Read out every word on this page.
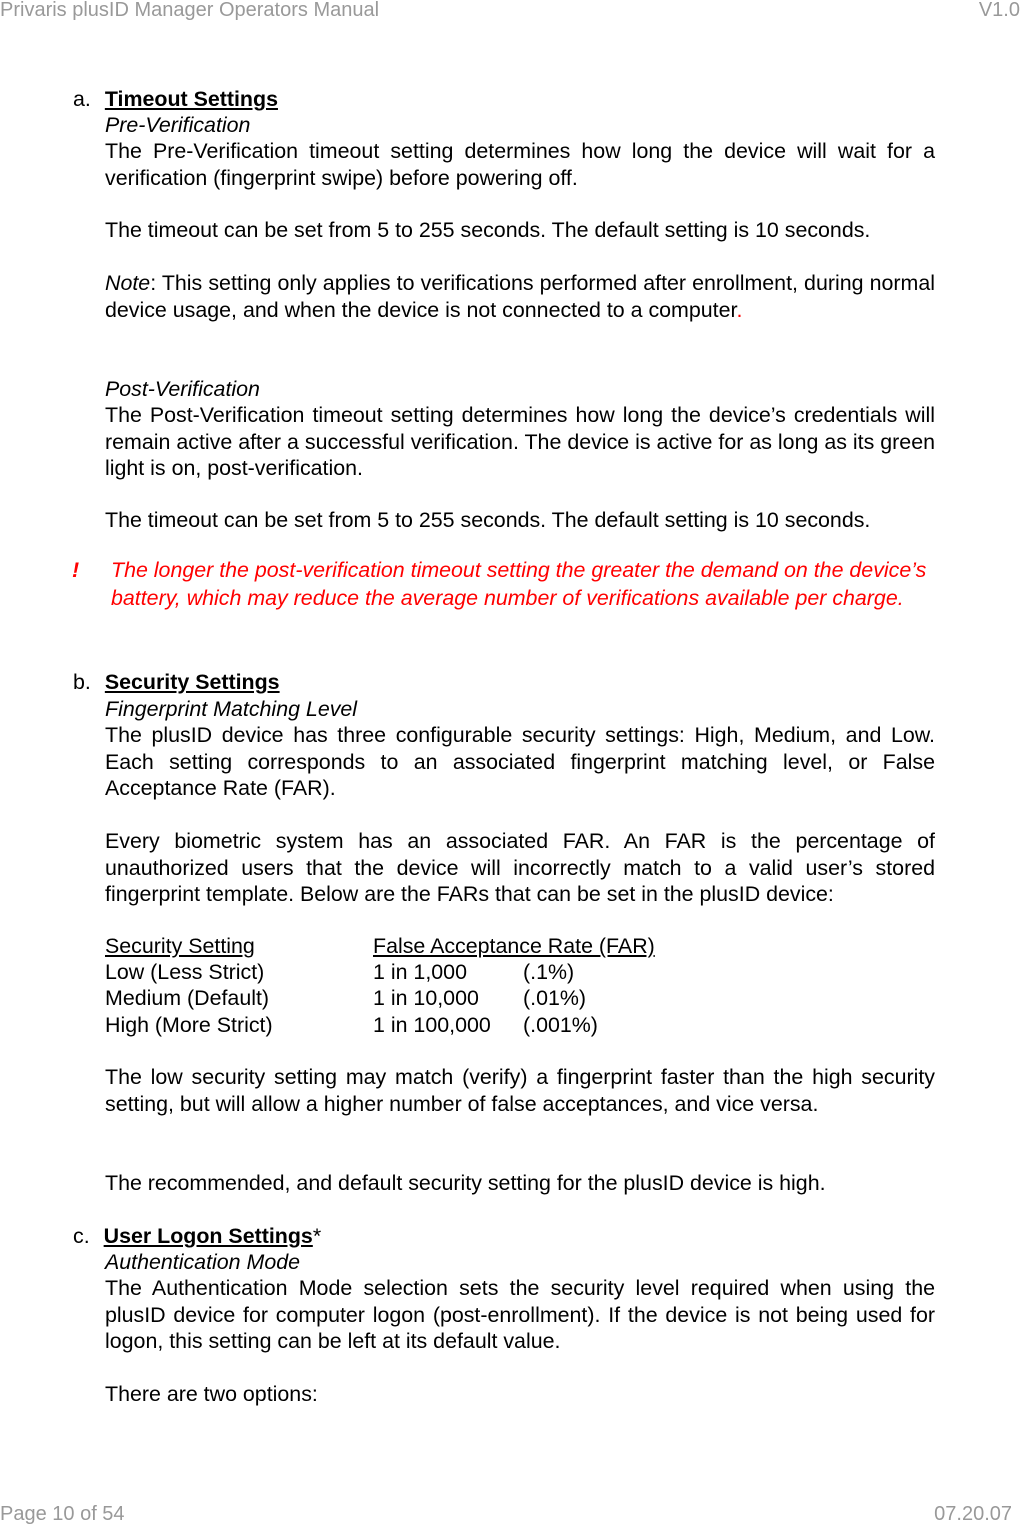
Privaris plusID Manager Operators Manual	V1.0
a. Timeout Settings
Pre-Verification
The Pre-Verification timeout setting determines how long the device will wait for a verification (fingerprint swipe) before powering off.
The timeout can be set from 5 to 255 seconds. The default setting is 10 seconds.
Note: This setting only applies to verifications performed after enrollment, during normal device usage, and when the device is not connected to a computer.
Post-Verification
The Post-Verification timeout setting determines how long the device’s credentials will remain active after a successful verification. The device is active for as long as its green light is on, post-verification.
The timeout can be set from 5 to 255 seconds. The default setting is 10 seconds.
! The longer the post-verification timeout setting the greater the demand on the device’s battery, which may reduce the average number of verifications available per charge.
b. Security Settings
Fingerprint Matching Level
The plusID device has three configurable security settings: High, Medium, and Low. Each setting corresponds to an associated fingerprint matching level, or False Acceptance Rate (FAR).
Every biometric system has an associated FAR. An FAR is the percentage of unauthorized users that the device will incorrectly match to a valid user’s stored fingerprint template. Below are the FARs that can be set in the plusID device:
Security Setting	False Acceptance Rate (FAR)
Low (Less Strict)	1 in 1,000	(.1%)
Medium (Default)	1 in 10,000 (.01%)
High (More Strict)	1 in 100,000 (.001%)
The low security setting may match (verify) a fingerprint faster than the high security setting, but will allow a higher number of false acceptances, and vice versa.
The recommended, and default security setting for the plusID device is high.
c. User Logon Settings*
Authentication Mode
The Authentication Mode selection sets the security level required when using the plusID device for computer logon (post-enrollment). If the device is not being used for logon, this setting can be left at its default value.
There are two options:
Page 10 of 54	07.20.07
